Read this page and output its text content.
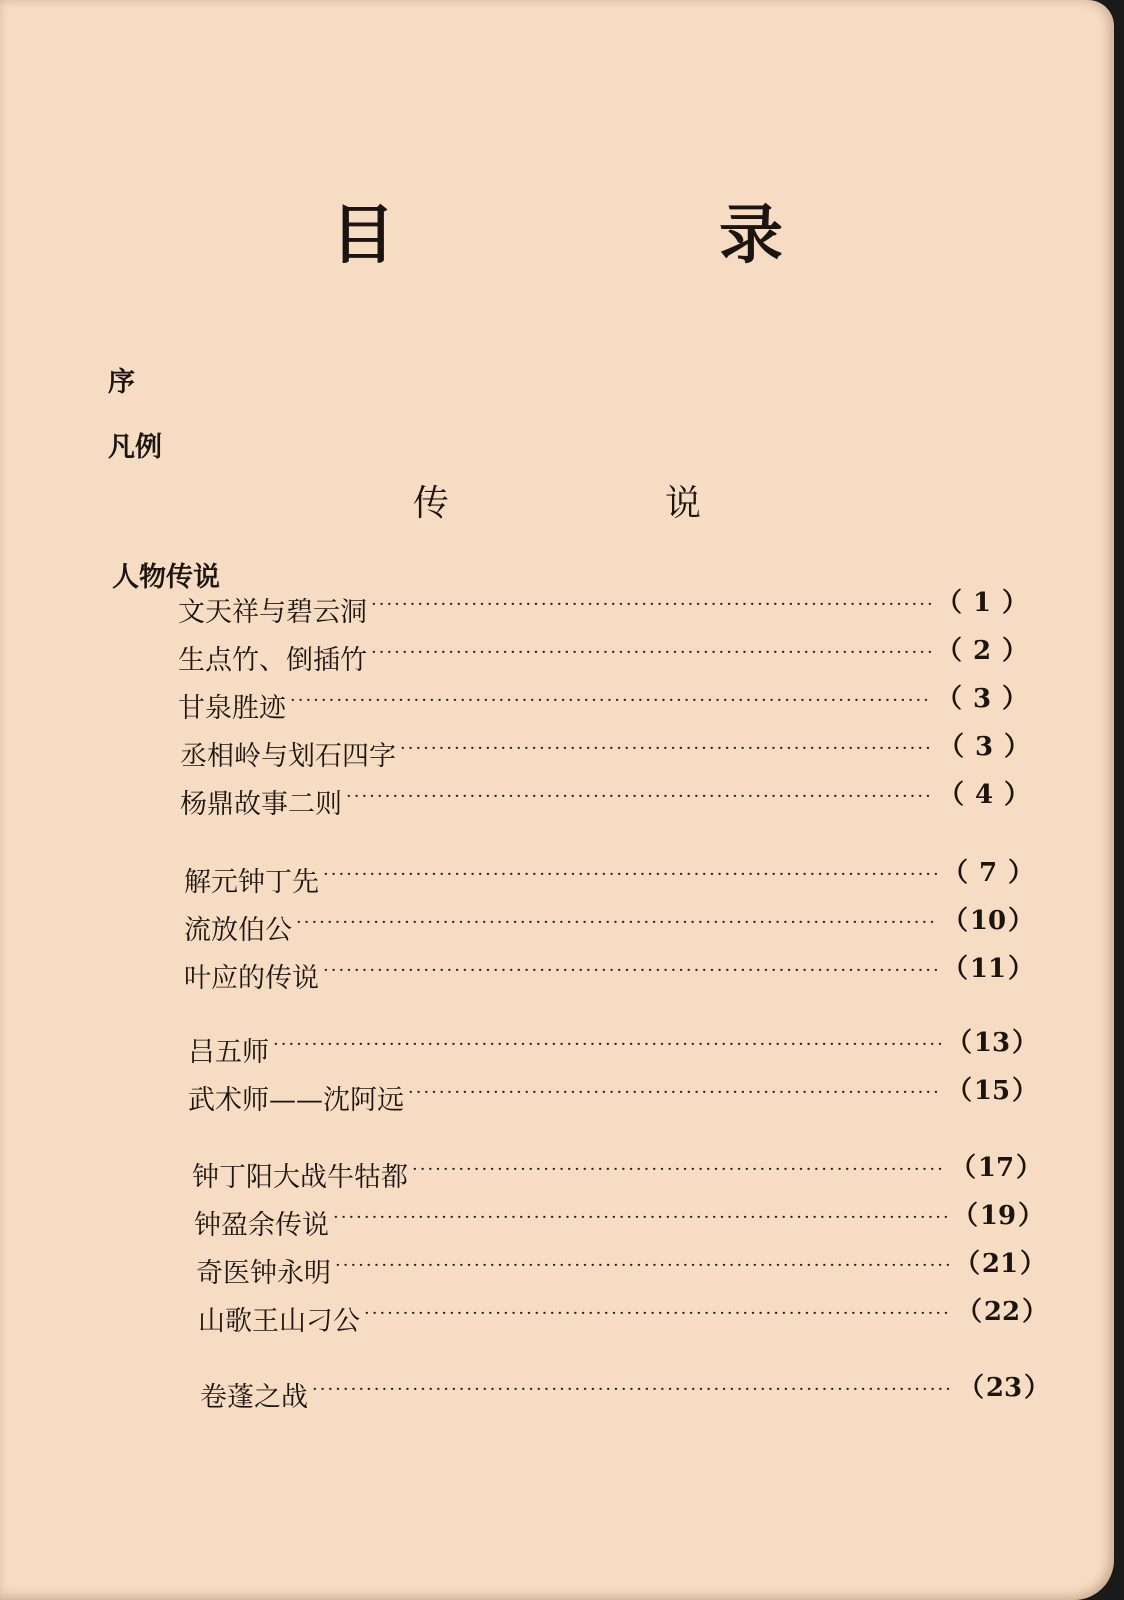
目　录

序

凡例

传　说
人物传说
文天祥与碧云洞 ·····	（ 1 ）
生点竹、倒插竹 ·····	（ 2 ）
甘泉胜迹 ·····	（ 3 ）
丞相岭与划石四字 ·····	（ 3 ）
杨鼎故事二则 ·····	（ 4 ）
解元钟丁先 ·····	（ 7 ）
流放伯公 ·····	（10）
叶应的传说 ·····	（11）
吕五师 ·····	（13）
武术师——沈阿远 ·····	（15）
钟丁阳大战牛牯都 ·····	（17）
钟盈余传说 ·····	（19）
奇医钟永明 ·····	（21）
山歌王山刁公 ·····	（22）
卷蓬之战 ·····	（23）
